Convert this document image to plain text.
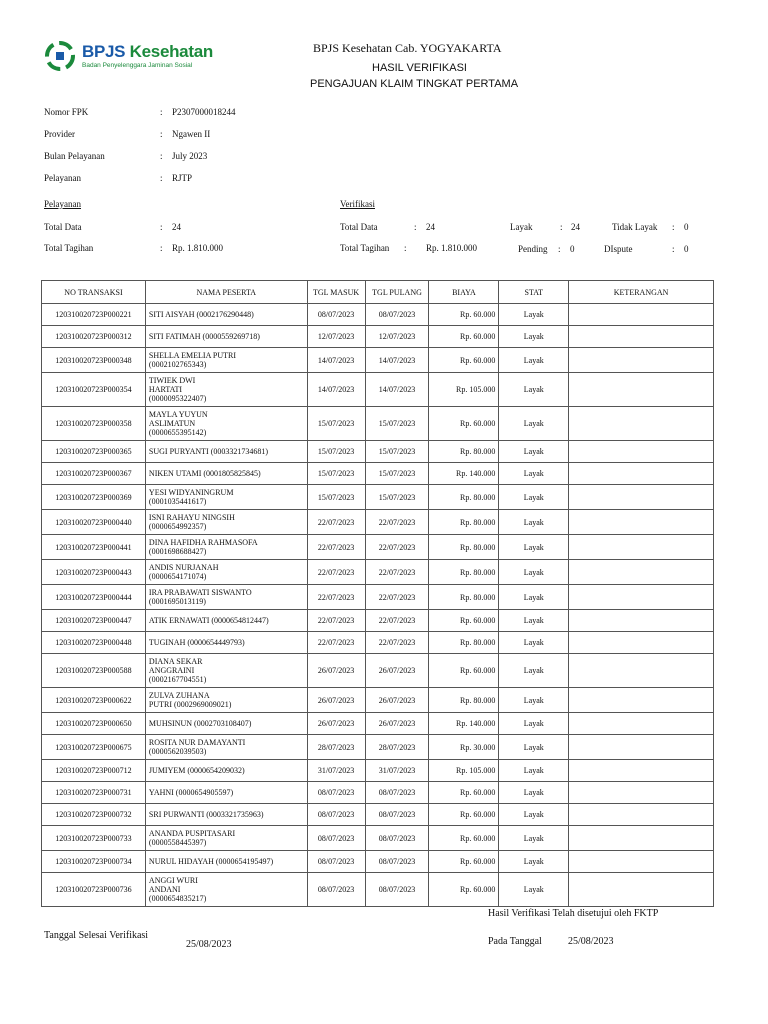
BPJS Kesehatan
Badan Penyelenggara Jaminan Sosial
BPJS Kesehatan Cab. YOGYAKARTA
HASIL VERIFIKASI
PENGAJUAN KLAIM TINGKAT PERTAMA
Nomor FPK	: P2307000018244
Provider	: Ngawen II
Bulan Pelayanan	: July 2023
Pelayanan	: RJTP
Pelayanan	Verifikasi
Total Data	: 24
Total Tagihan	: Rp. 1.810.000
Total Data	: 24
Total Tagihan : Rp. 1.810.000
Layak	: 24	Tidak Layak : 0
Pending : 0	DIspute	: 0
NO TRANSAKSI	NAMA PESERTA	TGL MASUK	TGL PULANG	BIAYA	STAT	KETERANGAN
120310020723P000221	SITI AISYAH (0002176290448)	08/07/2023	08/07/2023	Rp. 60.000	Layak	
120310020723P000312	SITI FATIMAH (0000559269718)	12/07/2023	12/07/2023	Rp. 60.000	Layak	
120310020723P000348	SHELLA EMELIA PUTRI
(0002102765343)	14/07/2023	14/07/2023	Rp. 60.000	Layak	
120310020723P000354	TIWIEK DWI
HARTATI
(0000095322407)	14/07/2023	14/07/2023	Rp. 105.000	Layak	
120310020723P000358	MAYLA YUYUN
ASLIMATUN
(0000655395142)	15/07/2023	15/07/2023	Rp. 60.000	Layak	
120310020723P000365	SUGI PURYANTI (0003321734681)	15/07/2023	15/07/2023	Rp. 80.000	Layak	
120310020723P000367	NIKEN UTAMI (0001805825845)	15/07/2023	15/07/2023	Rp. 140.000	Layak	
120310020723P000369	YESI WIDYANINGRUM
(0001035441617)	15/07/2023	15/07/2023	Rp. 80.000	Layak	
120310020723P000440	ISNI RAHAYU NINGSIH
(0000654992357)	22/07/2023	22/07/2023	Rp. 80.000	Layak	
120310020723P000441	DINA HAFIDHA RAHMASOFA
(0001698688427)	22/07/2023	22/07/2023	Rp. 80.000	Layak	
120310020723P000443	ANDIS NURJANAH
(0000654171074)	22/07/2023	22/07/2023	Rp. 80.000	Layak	
120310020723P000444	IRA PRABAWATI SISWANTO
(0001695013119)	22/07/2023	22/07/2023	Rp. 80.000	Layak	
120310020723P000447	ATIK ERNAWATI (0000654812447)	22/07/2023	22/07/2023	Rp. 60.000	Layak	
120310020723P000448	TUGINAH (0000654449793)	22/07/2023	22/07/2023	Rp. 80.000	Layak	
120310020723P000588	DIANA SEKAR
ANGGRAINI
(0002167704551)	26/07/2023	26/07/2023	Rp. 60.000	Layak	
120310020723P000622	ZULVA ZUHANA
PUTRI (0002969009021)	26/07/2023	26/07/2023	Rp. 80.000	Layak	
120310020723P000650	MUHSINUN (0002703108407)	26/07/2023	26/07/2023	Rp. 140.000	Layak	
120310020723P000675	ROSITA NUR DAMAYANTI
(0000562039503)	28/07/2023	28/07/2023	Rp. 30.000	Layak	
120310020723P000712	JUMIYEM (0000654209032)	31/07/2023	31/07/2023	Rp. 105.000	Layak	
120310020723P000731	YAHNI (0000654905597)	08/07/2023	08/07/2023	Rp. 60.000	Layak	
120310020723P000732	SRI PURWANTI (0003321735963)	08/07/2023	08/07/2023	Rp. 60.000	Layak	
120310020723P000733	ANANDA PUSPITASARI
(0000558445397)	08/07/2023	08/07/2023	Rp. 60.000	Layak	
120310020723P000734	NURUL HIDAYAH (0000654195497)	08/07/2023	08/07/2023	Rp. 60.000	Layak	
120310020723P000736	ANGGI WURI
ANDANI
(0000654835217)	08/07/2023	08/07/2023	Rp. 60.000	Layak	
Hasil Verifikasi Telah disetujui oleh FKTP
Tanggal Selesai Verifikasi
25/08/2023	Pada Tanggal	25/08/2023
